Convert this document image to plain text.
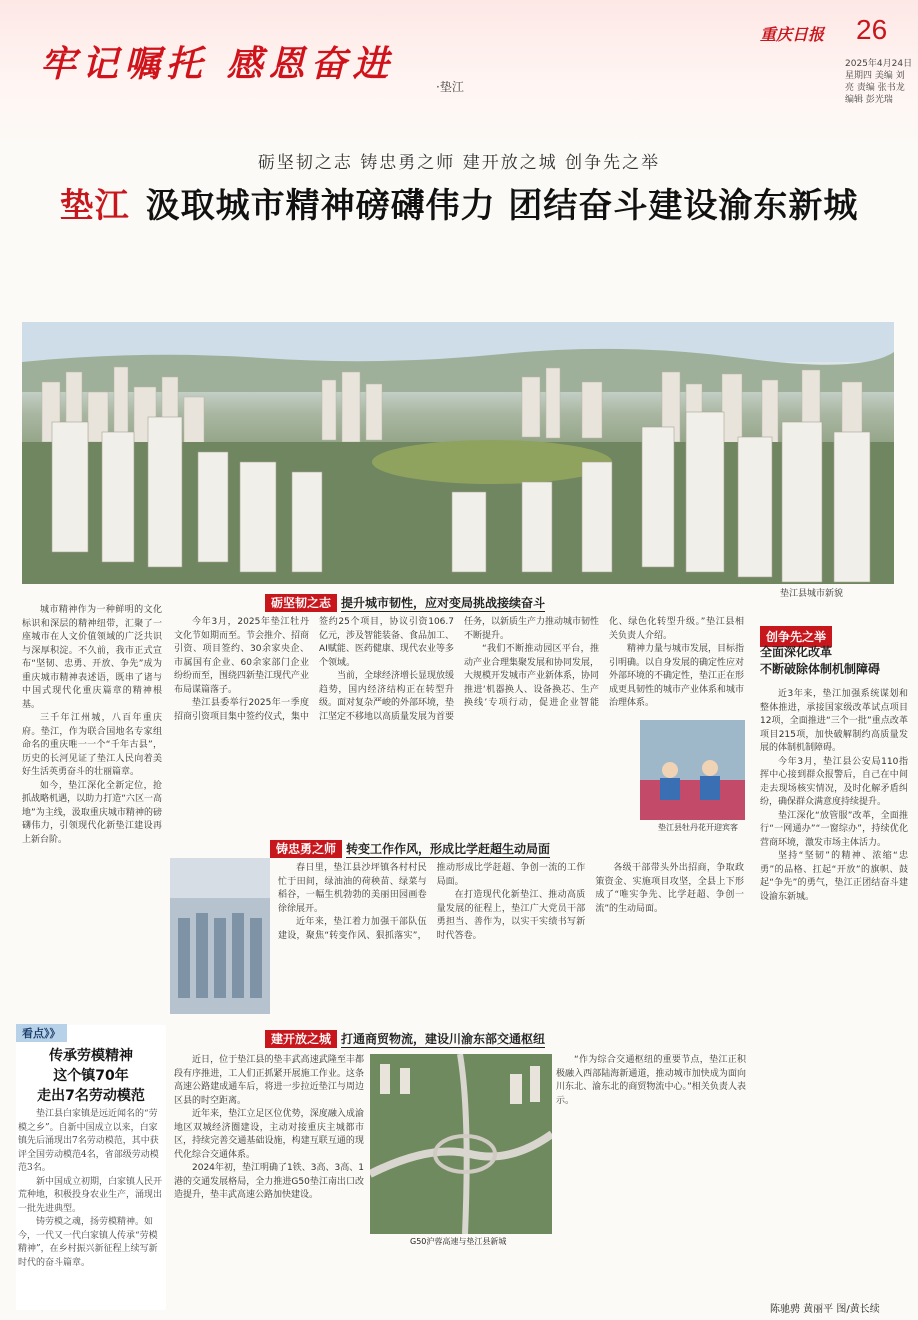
牢记嘱托 感恩奋进
·垫江
重庆日报 26
2025年4月24日 星期四 美编 刘 亮 责编 张书龙 编辑 彭光瑞
砺坚韧之志 铸忠勇之师 建开放之城 创争先之举
垫江 汲取城市精神磅礴伟力 团结奋斗建设渝东新城
垫江县城市新貌

城市精神作为一种鲜明的文化标识和深层的精神纽带，汇聚了一座城市在人文价值领域的广泛共识与深厚积淀。不久前，我市正式宣布“坚韧、忠勇、开放、争先”成为重庆城市精神表述语，既串了诸与中国式现代化重庆篇章的精神根基。

三千年江州城，八百年重庆府。垫江，作为联合国地名专家组命名的重庆唯一一个“千年古县”，历史的长河见证了垫江人民向着美好生活英勇奋斗的壮丽篇章。

如今，垫江深化全新定位，抢抓战略机遇，以助力打造“六区一高地”为主线，汲取重庆城市精神的磅礴伟力，引领现代化新垫江建设再上新台阶。

砺坚韧之志 提升城市韧性，应对变局挑战接续奋斗

今年3月，2025年垫江牡丹文化节如期而至。节会推介、招商引资、项目签约、30余家央企、市属国有企业、60余家部门企业纷纷而至，围绕四新垫江现代产业布局谋篇落子。

垫江县委举行2025年一季度招商引资项目集中签约仪式，集中签约25个项目，协议引资106.7亿元，涉及智能装备、食品加工、AI赋能、医药健康、现代农业等多个领域。

当前，全球经济增长显现放缓趋势，国内经济结构正在转型升级。面对复杂严峻的外部环境，垫江坚定不移地以高质量发展为首要任务，以新质生产力推动城市韧性不断提升。

“我们不断推动园区平台，推动产业合理集聚发展和协同发展，大规模开发城市产业新体系，协同推进‘机器换人、设备换芯、生产换线’专项行动，促进企业智能化、绿色化转型升级。”垫江县相关负责人介绍。

精神力量与城市发展，目标指引明确。以自身发展的确定性应对外部环境的不确定性，垫江正在形成更具韧性的城市产业体系和城市治理体系。

垫江县牡丹花开迎宾客
铸忠勇之师 转变工作作风，形成比学赶超生动局面

春日里，垫江县沙坪镇各村村民忙于田间，绿油油的荷秧苗、绿菜与稻谷，一幅生机勃勃的美丽田园画卷徐徐展开。

近年来，垫江着力加强干部队伍建设，聚焦“转变作风、狠抓落实”，推动形成比学赶超、争创一流的工作局面。

在打造现代化新垫江、推动高质量发展的征程上，垫江广大党员干部勇担当、善作为，以实干实绩书写新时代答卷。

各级干部带头外出招商，争取政策资金、实施项目攻坚，全县上下形成了“唯实争先、比学赶超、争创一流”的生动局面。

创争先之举
全面深化改革
不断破除体制机制障碍

近3年来，垫江加强系统谋划和整体推进，承接国家级改革试点项目12项，全面推进“三个一批”重点改革项目215项，加快破解制约高质量发展的体制机制障碍。

今年3月，垫江县公安局110指挥中心接到群众报警后，自己在中间走去现场核实情况，及时化解矛盾纠纷，确保群众满意度持续提升。

垫江深化“放管服”改革，全面推行“一网通办”“一窗综办”，持续优化营商环境，激发市场主体活力。

坚持“坚韧”的精神、浓缩“忠勇”的品格、扛起“开放”的旗帜、鼓起“争先”的勇气，垫江正团结奋斗建设渝东新城。

看点》》
传承劳模精神
这个镇70年
走出7名劳动模范

垫江县白家镇是远近闻名的“劳模之乡”。自新中国成立以来，白家镇先后涌现出7名劳动模范，其中获评全国劳动模范4名，省部级劳动模范3名。

新中国成立初期，白家镇人民开荒种地，积极投身农业生产，涌现出一批先进典型。

铸劳模之魂，扬劳模精神。如今，一代又一代白家镇人传承“劳模精神”，在乡村振兴新征程上续写新时代的奋斗篇章。

建开放之城 打通商贸物流，建设川渝东部交通枢纽

近日，位于垫江县的垫丰武高速武隆至丰都段有序推进，工人们正抓紧开展施工作业。这条高速公路建成通车后，将进一步拉近垫江与周边区县的时空距离。

近年来，垫江立足区位优势，深度融入成渝地区双城经济圈建设，主动对接重庆主城都市区，持续完善交通基础设施，构建互联互通的现代化综合交通体系。

2024年初，垫江明确了1铁、3高、3高、1港的交通发展格局，全力推进G50垫江南出口改造提升，垫丰武高速公路加快建设。

G50沪蓉高速与垫江县新城

“作为综合交通枢纽的重要节点，垫江正积极融入西部陆海新通道，推动城市加快成为面向川东北、渝东北的商贸物流中心。”相关负责人表示。

陈驰骋 黄丽平 图/黄长续
